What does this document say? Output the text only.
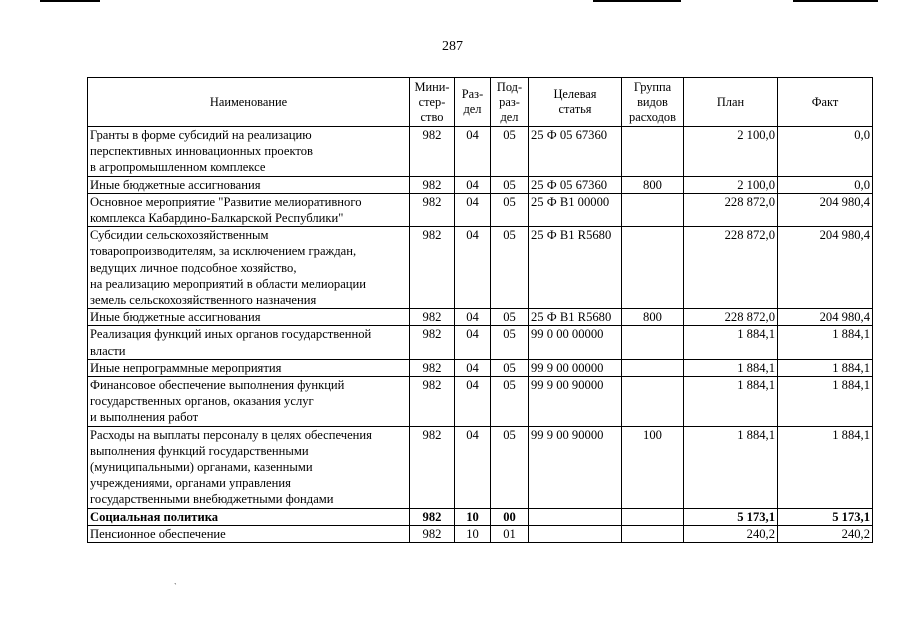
287
Наименование	Мини-
стер-
ство	Раз-
дел	Под-
раз-
дел	Целевая
статья	Группа
видов
расходов	План	Факт
Гранты в форме субсидий на реализацию
перспективных инновационных проектов
в агропромышленном комплексе	982	04	05	25 Ф 05 67360		2 100,0	0,0
Иные бюджетные ассигнования	982	04	05	25 Ф 05 67360	800	2 100,0	0,0
Основное мероприятие "Развитие мелиоративного
комплекса Кабардино-Балкарской Республики"	982	04	05	25 Ф В1 00000		228 872,0	204 980,4
Субсидии сельскохозяйственным
товаропроизводителям, за исключением граждан,
ведущих личное подсобное хозяйство,
на реализацию мероприятий в области мелиорации
земель сельскохозяйственного назначения	982	04	05	25 Ф В1 R5680		228 872,0	204 980,4
Иные бюджетные ассигнования	982	04	05	25 Ф В1 R5680	800	228 872,0	204 980,4
Реализация функций иных органов государственной
власти	982	04	05	99 0 00 00000		1 884,1	1 884,1
Иные непрограммные мероприятия	982	04	05	99 9 00 00000		1 884,1	1 884,1
Финансовое обеспечение выполнения функций
государственных органов, оказания услуг
и выполнения работ	982	04	05	99 9 00 90000		1 884,1	1 884,1
Расходы на выплаты персоналу в целях обеспечения
выполнения функций государственными
(муниципальными) органами, казенными
учреждениями, органами управления
государственными внебюджетными фондами	982	04	05	99 9 00 90000	100	1 884,1	1 884,1
Социальная политика	982	10	00			5 173,1	5 173,1
Пенсионное обеспечение	982	10	01			240,2	240,2
`
